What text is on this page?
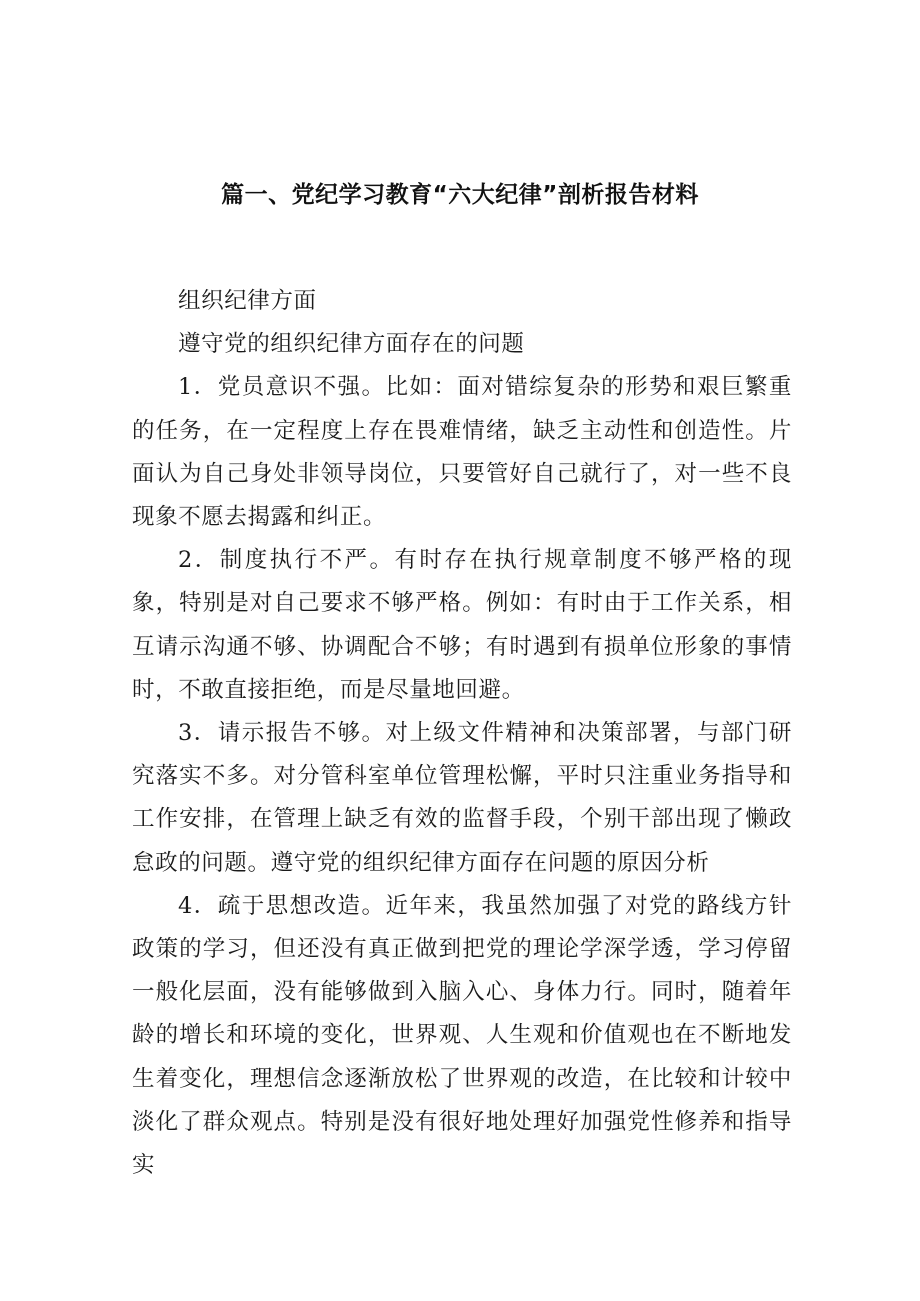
篇一、党纪学习教育“六大纪律”剖析报告材料

组织纪律方面

遵守党的组织纪律方面存在的问题

1．党员意识不强。比如：面对错综复杂的形势和艰巨繁重的任务，在一定程度上存在畏难情绪，缺乏主动性和创造性。片面认为自己身处非领导岗位，只要管好自己就行了，对一些不良现象不愿去揭露和纠正。

2．制度执行不严。有时存在执行规章制度不够严格的现象，特别是对自己要求不够严格。例如：有时由于工作关系，相互请示沟通不够、协调配合不够；有时遇到有损单位形象的事情时，不敢直接拒绝，而是尽量地回避。

3．请示报告不够。对上级文件精神和决策部署，与部门研究落实不多。对分管科室单位管理松懈，平时只注重业务指导和工作安排，在管理上缺乏有效的监督手段，个别干部出现了懒政怠政的问题。遵守党的组织纪律方面存在问题的原因分析

4．疏于思想改造。近年来，我虽然加强了对党的路线方针政策的学习，但还没有真正做到把党的理论学深学透，学习停留一般化层面，没有能够做到入脑入心、身体力行。同时，随着年龄的增长和环境的变化，世界观、人生观和价值观也在不断地发生着变化，理想信念逐渐放松了世界观的改造，在比较和计较中淡化了群众观点。特别是没有很好地处理好加强党性修养和指导实
